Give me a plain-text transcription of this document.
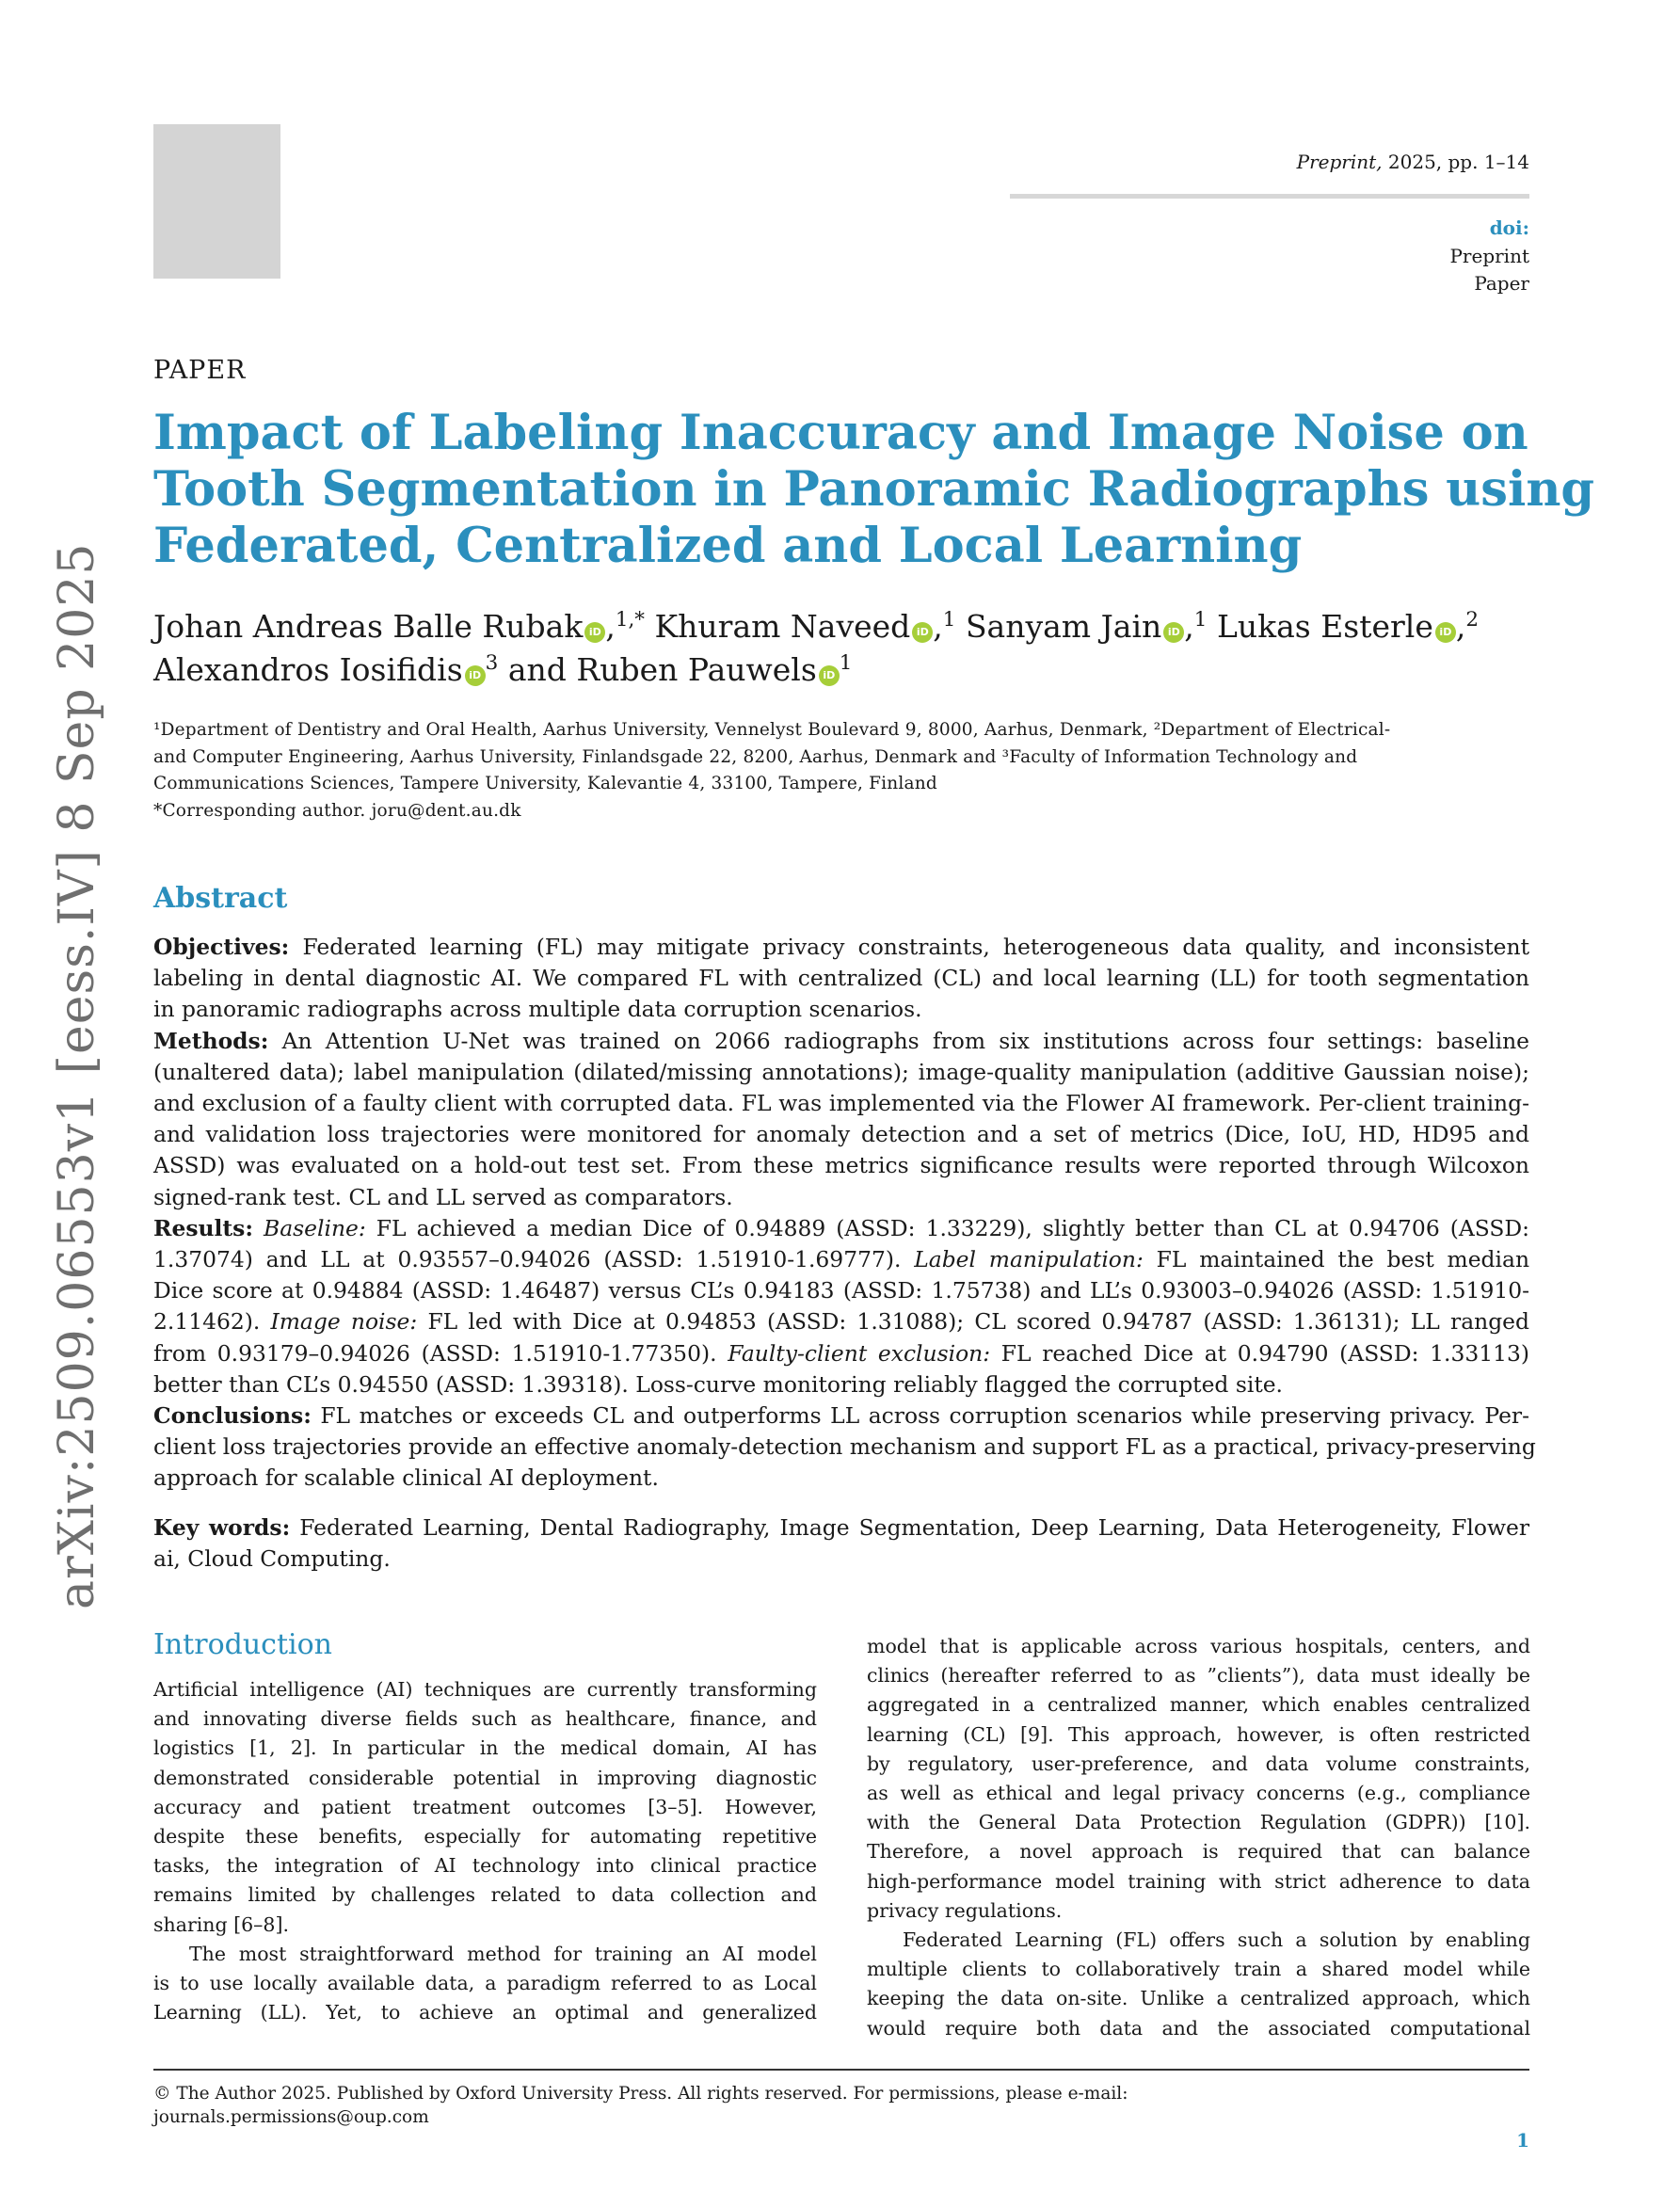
Preprint, 2025, pp. 1–14
doi:
Preprint
Paper
arXiv:2509.06553v1 [eess.IV] 8 Sep 2025
PAPER
Impact of Labeling Inaccuracy and Image Noise on
Tooth Segmentation in Panoramic Radiographs using
Federated, Centralized and Local Learning
Johan Andreas Balle Rubak iD ,$^{1,*}$ Khuram Naveed iD ,$^1$ Sanyam Jain iD ,$^1$ Lukas Esterle iD ,$^2$
Alexandros Iosifidis $iD^3$ and Ruben Pauwels $iD^1$
¹Department of Dentistry and Oral Health, Aarhus University, Vennelyst Boulevard 9, 8000, Aarhus, Denmark, ²Department of Electrical-
and Computer Engineering, Aarhus University, Finlandsgade 22, 8200, Aarhus, Denmark and ³Faculty of Information Technology and
Communications Sciences, Tampere University, Kalevantie 4, 33100, Tampere, Finland
*Corresponding author. joru@dent.au.dk
Abstract
Objectives: Federated learning (FL) may mitigate privacy constraints, heterogeneous data quality, and inconsistent
labeling in dental diagnostic AI. We compared FL with centralized (CL) and local learning (LL) for tooth segmentation
in panoramic radiographs across multiple data corruption scenarios.
Methods: An Attention U-Net was trained on 2066 radiographs from six institutions across four settings: baseline
(unaltered data); label manipulation (dilated/missing annotations); image-quality manipulation (additive Gaussian noise);
and exclusion of a faulty client with corrupted data. FL was implemented via the Flower AI framework. Per-client training-
and validation loss trajectories were monitored for anomaly detection and a set of metrics (Dice, IoU, HD, HD95 and
ASSD) was evaluated on a hold-out test set. From these metrics significance results were reported through Wilcoxon
signed-rank test. CL and LL served as comparators.
Results: Baseline: FL achieved a median Dice of 0.94889 (ASSD: 1.33229), slightly better than CL at 0.94706 (ASSD:
1.37074) and LL at 0.93557–0.94026 (ASSD: 1.51910-1.69777). Label manipulation: FL maintained the best median
Dice score at 0.94884 (ASSD: 1.46487) versus CL’s 0.94183 (ASSD: 1.75738) and LL’s 0.93003–0.94026 (ASSD: 1.51910-
2.11462). Image noise: FL led with Dice at 0.94853 (ASSD: 1.31088); CL scored 0.94787 (ASSD: 1.36131); LL ranged
from 0.93179–0.94026 (ASSD: 1.51910-1.77350). Faulty-client exclusion: FL reached Dice at 0.94790 (ASSD: 1.33113)
better than CL’s 0.94550 (ASSD: 1.39318). Loss-curve monitoring reliably flagged the corrupted site.
Conclusions: FL matches or exceeds CL and outperforms LL across corruption scenarios while preserving privacy. Per-
client loss trajectories provide an effective anomaly-detection mechanism and support FL as a practical, privacy-preserving
approach for scalable clinical AI deployment.
Key words: Federated Learning, Dental Radiography, Image Segmentation, Deep Learning, Data Heterogeneity, Flower
ai, Cloud Computing.
Introduction
Artificial intelligence (AI) techniques are currently transforming
and innovating diverse fields such as healthcare, finance, and
logistics [1, 2]. In particular in the medical domain, AI has
demonstrated considerable potential in improving diagnostic
accuracy and patient treatment outcomes [3–5]. However,
despite these benefits, especially for automating repetitive
tasks, the integration of AI technology into clinical practice
remains limited by challenges related to data collection and
sharing [6–8].
The most straightforward method for training an AI model
is to use locally available data, a paradigm referred to as Local
Learning (LL). Yet, to achieve an optimal and generalized
model that is applicable across various hospitals, centers, and
clinics (hereafter referred to as ”clients”), data must ideally be
aggregated in a centralized manner, which enables centralized
learning (CL) [9]. This approach, however, is often restricted
by regulatory, user-preference, and data volume constraints,
as well as ethical and legal privacy concerns (e.g., compliance
with the General Data Protection Regulation (GDPR)) [10].
Therefore, a novel approach is required that can balance
high-performance model training with strict adherence to data
privacy regulations.
Federated Learning (FL) offers such a solution by enabling
multiple clients to collaboratively train a shared model while
keeping the data on-site. Unlike a centralized approach, which
would require both data and the associated computational
© The Author 2025. Published by Oxford University Press. All rights reserved. For permissions, please e-mail:
journals.permissions@oup.com
1
